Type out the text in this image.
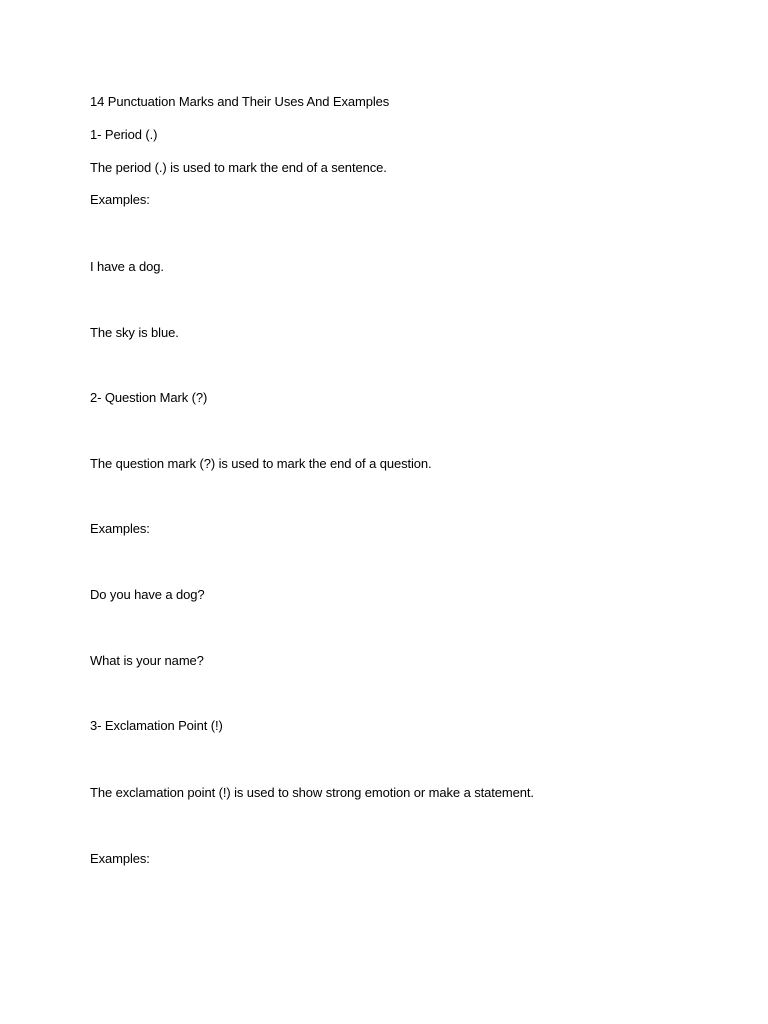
14 Punctuation Marks and Their Uses And Examples
1- Period (.)
The period (.) is used to mark the end of a sentence.
Examples:
I have a dog.
The sky is blue.
2- Question Mark (?)
The question mark (?) is used to mark the end of a question.
Examples:
Do you have a dog?
What is your name?
3- Exclamation Point (!)
The exclamation point (!) is used to show strong emotion or make a statement.
Examples:
